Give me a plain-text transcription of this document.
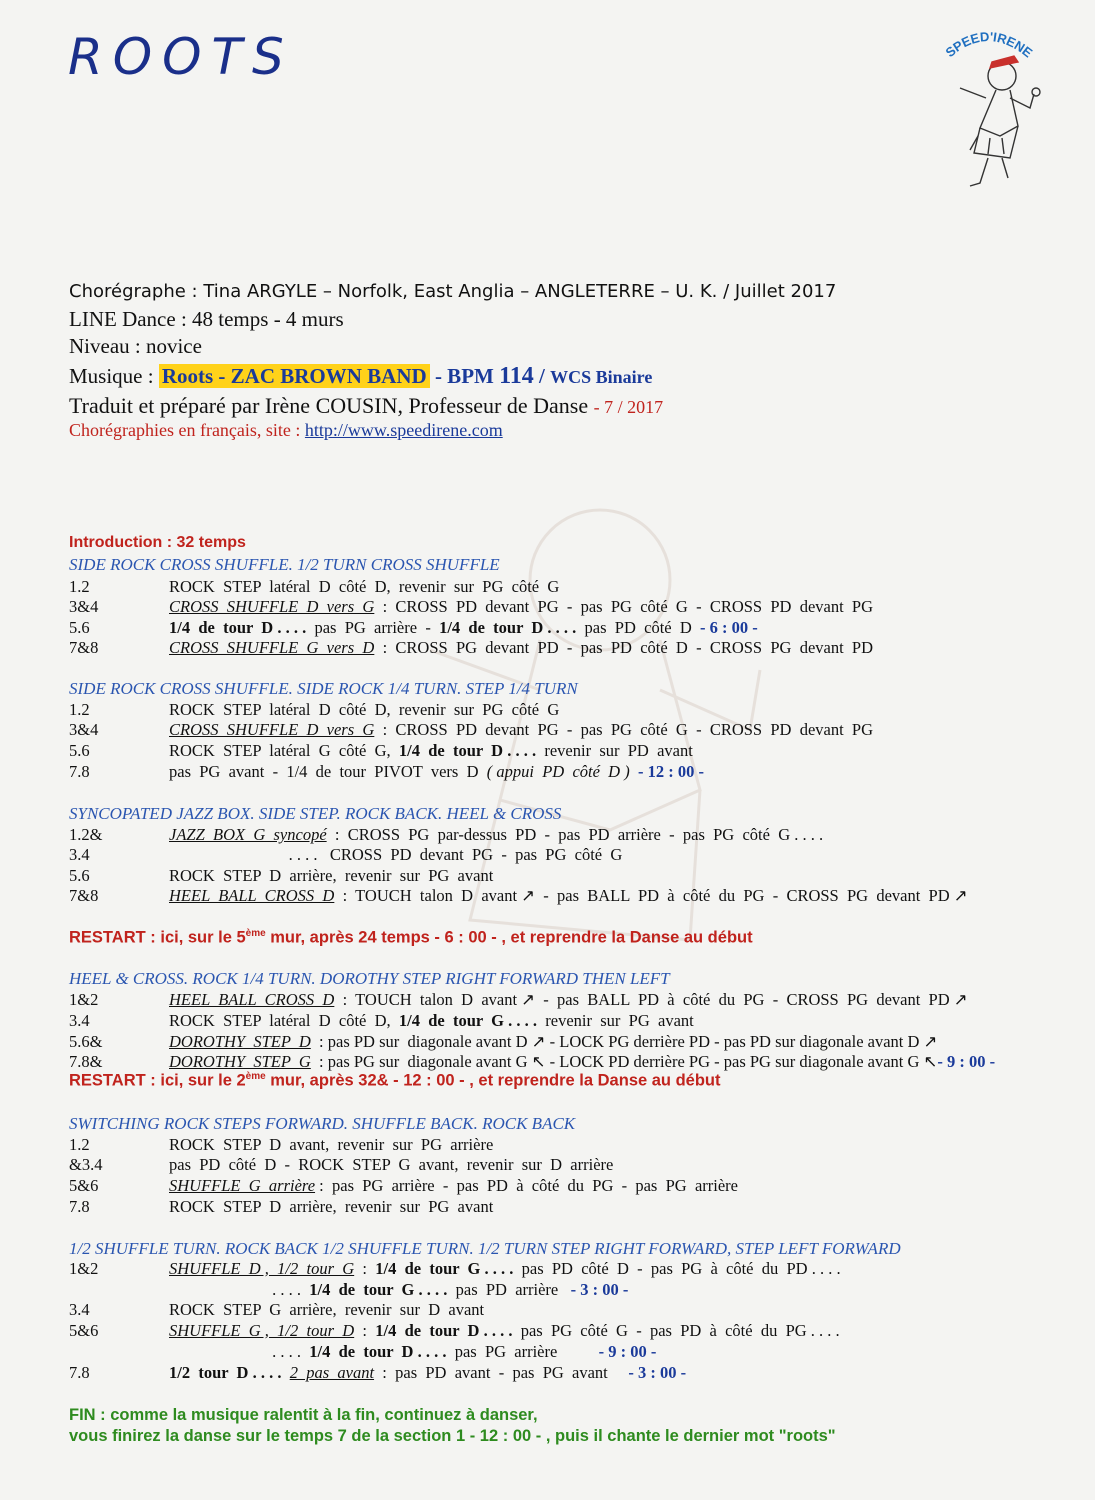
ROOTS	SPEED'IRENE
Chorégraphe : Tina ARGYLE – Norfolk, East Anglia – ANGLETERRE – U. K. / Juillet 2017
LINE Dance : 48 temps - 4 murs
Niveau : novice
Musique : Roots - ZAC BROWN BAND - BPM 114 / WCS Binaire
Traduit et préparé par Irène COUSIN, Professeur de Danse - 7 / 2017
Chorégraphies en français, site : http://www.speedirene.com
Introduction : 32 temps
SIDE ROCK CROSS SHUFFLE. 1/2 TURN CROSS SHUFFLE
1.2	ROCK  STEP  latéral  D  côté  D,  revenir  sur  PG  côté  G
3&4	CROSS  SHUFFLE  D  vers  G  :  CROSS  PD  devant  PG  -  pas  PG  côté  G  -  CROSS  PD  devant  PG
5.6	1/4  de  tour  D . . . .  pas  PG  arrière  -  1/4  de  tour  D . . . .  pas  PD  côté  D  - 6 : 00 -
7&8	CROSS  SHUFFLE  G  vers  D  :  CROSS  PG  devant  PD  -  pas  PD  côté  D  -  CROSS  PG  devant  PD
SIDE ROCK CROSS SHUFFLE. SIDE ROCK 1/4 TURN. STEP 1/4 TURN
1.2	ROCK  STEP  latéral  D  côté  D,  revenir  sur  PG  côté  G
3&4	CROSS  SHUFFLE  D  vers  G  :  CROSS  PD  devant  PG  -  pas  PG  côté  G  -  CROSS  PD  devant  PG
5.6	ROCK  STEP  latéral  G  côté  G,  1/4  de  tour  D . . . .  revenir  sur  PD  avant
7.8	pas  PG  avant  -  1/4  de  tour  PIVOT  vers  D  ( appui  PD  côté  D )  - 12 : 00 -
SYNCOPATED JAZZ BOX. SIDE STEP. ROCK BACK. HEEL & CROSS
1.2&	JAZZ  BOX  G  syncopé  :  CROSS  PG  par-dessus  PD  -  pas  PD  arrière  -  pas  PG  côté  G . . . .
3.4	. . . .   CROSS  PD  devant  PG  -  pas  PG  côté  G
5.6	ROCK  STEP  D  arrière,  revenir  sur  PG  avant
7&8	HEEL  BALL  CROSS  D  :  TOUCH  talon  D  avant ↗  -  pas  BALL  PD  à  côté  du  PG  -  CROSS  PG  devant  PD ↗
HEEL & CROSS. ROCK 1/4 TURN. DOROTHY STEP RIGHT FORWARD THEN LEFT
1&2	HEEL  BALL  CROSS  D  :  TOUCH  talon  D  avant ↗  -  pas  BALL  PD  à  côté  du  PG  -  CROSS  PG  devant  PD ↗
3.4	ROCK  STEP  latéral  D  côté  D,  1/4  de  tour  G . . . .  revenir  sur  PG  avant
5.6&	DOROTHY  STEP  D  : pas PD sur  diagonale avant D ↗ - LOCK PG derrière PD - pas PD sur diagonale avant D ↗
7.8&	DOROTHY  STEP  G  : pas PG sur  diagonale avant G ↖ - LOCK PD derrière PG - pas PG sur diagonale avant G ↖- 9 : 00 -
SWITCHING ROCK STEPS FORWARD. SHUFFLE BACK. ROCK BACK
1.2	ROCK  STEP  D  avant,  revenir  sur  PG  arrière
&3.4	pas  PD  côté  D  -  ROCK  STEP  G  avant,  revenir  sur  D  arrière
5&6	SHUFFLE  G  arrière :  pas  PG  arrière  -  pas  PD  à  côté  du  PG  -  pas  PG  arrière
7.8	ROCK  STEP  D  arrière,  revenir  sur  PG  avant
1/2 SHUFFLE TURN. ROCK BACK 1/2 SHUFFLE TURN. 1/2 TURN STEP RIGHT FORWARD, STEP LEFT FORWARD
1&2	SHUFFLE  D ,  1/2  tour  G  :  1/4  de  tour  G . . . .  pas  PD  côté  D  -  pas  PG  à  côté  du  PD . . . .
. . . .  1/4  de  tour  G . . . .  pas  PD  arrière   - 3 : 00 -
3.4	ROCK  STEP  G  arrière,  revenir  sur  D  avant
5&6	SHUFFLE  G ,  1/2  tour  D  :  1/4  de  tour  D . . . .  pas  PG  côté  G  -  pas  PD  à  côté  du  PG . . . .
. . . .  1/4  de  tour  D . . . .  pas  PG  arrière          - 9 : 00 -
7.8	1/2  tour  D . . . . 2  pas  avant  :  pas  PD  avant  -  pas  PG  avant     - 3 : 00 -
RESTART : ici, sur le 5ème mur, après 24 temps - 6 : 00 - , et reprendre la Danse au début
RESTART : ici, sur le 2ème mur, après 32& - 12 : 00 - , et reprendre la Danse au début
FIN : comme la musique ralentit à la fin, continuez à danser,
vous finirez la danse sur le temps 7 de la section 1 - 12 : 00 - , puis il chante le dernier mot "roots"
